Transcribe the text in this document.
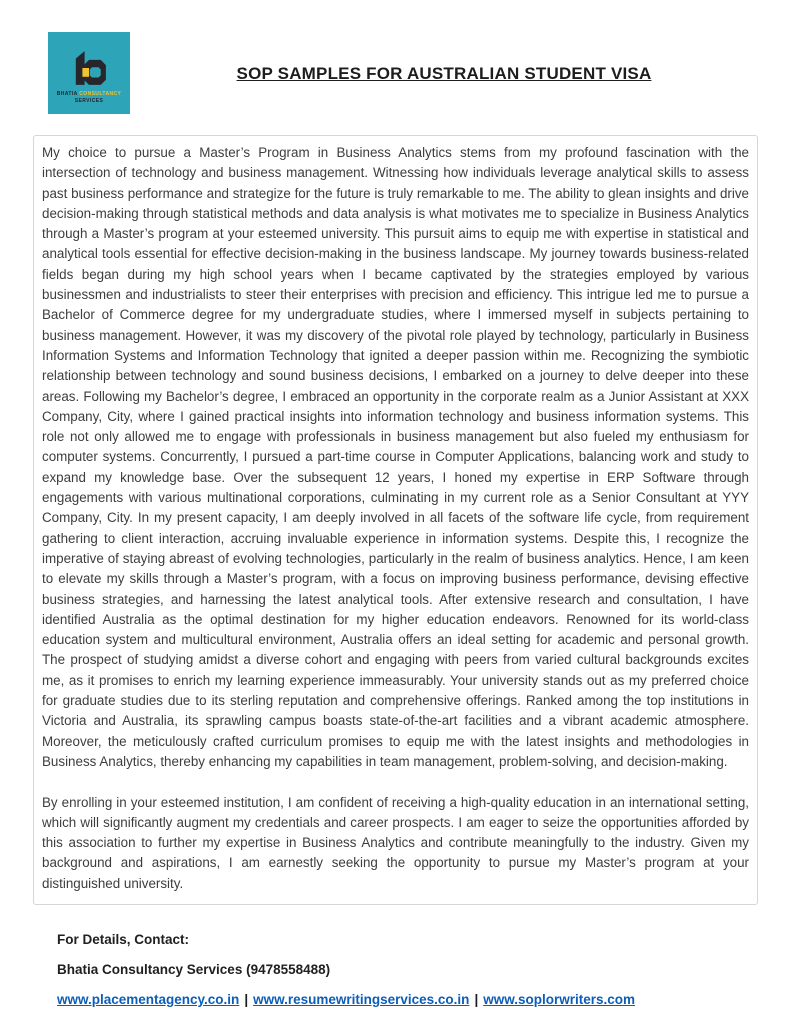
BHATIA CONSULTANCY
SERVICES
SOP SAMPLES FOR AUSTRALIAN STUDENT VISA

My choice to pursue a Master’s Program in Business Analytics stems from my profound fascination with the intersection of technology and business management. Witnessing how individuals leverage analytical skills to assess past business performance and strategize for the future is truly remarkable to me. The ability to glean insights and drive decision-making through statistical methods and data analysis is what motivates me to specialize in Business Analytics through a Master’s program at your esteemed university. This pursuit aims to equip me with expertise in statistical and analytical tools essential for effective decision-making in the business landscape. My journey towards business-related fields began during my high school years when I became captivated by the strategies employed by various businessmen and industrialists to steer their enterprises with precision and efficiency. This intrigue led me to pursue a Bachelor of Commerce degree for my undergraduate studies, where I immersed myself in subjects pertaining to business management. However, it was my discovery of the pivotal role played by technology, particularly in Business Information Systems and Information Technology that ignited a deeper passion within me. Recognizing the symbiotic relationship between technology and sound business decisions, I embarked on a journey to delve deeper into these areas. Following my Bachelor’s degree, I embraced an opportunity in the corporate realm as a Junior Assistant at XXX Company, City, where I gained practical insights into information technology and business information systems. This role not only allowed me to engage with professionals in business management but also fueled my enthusiasm for computer systems. Concurrently, I pursued a part-time course in Computer Applications, balancing work and study to expand my knowledge base. Over the subsequent 12 years, I honed my expertise in ERP Software through engagements with various multinational corporations, culminating in my current role as a Senior Consultant at YYY Company, City. In my present capacity, I am deeply involved in all facets of the software life cycle, from requirement gathering to client interaction, accruing invaluable experience in information systems. Despite this, I recognize the imperative of staying abreast of evolving technologies, particularly in the realm of business analytics. Hence, I am keen to elevate my skills through a Master’s program, with a focus on improving business performance, devising effective business strategies, and harnessing the latest analytical tools. After extensive research and consultation, I have identified Australia as the optimal destination for my higher education endeavors. Renowned for its world-class education system and multicultural environment, Australia offers an ideal setting for academic and personal growth. The prospect of studying amidst a diverse cohort and engaging with peers from varied cultural backgrounds excites me, as it promises to enrich my learning experience immeasurably. Your university stands out as my preferred choice for graduate studies due to its sterling reputation and comprehensive offerings. Ranked among the top institutions in Victoria and Australia, its sprawling campus boasts state-of-the-art facilities and a vibrant academic atmosphere. Moreover, the meticulously crafted curriculum promises to equip me with the latest insights and methodologies in Business Analytics, thereby enhancing my capabilities in team management, problem-solving, and decision-making.

By enrolling in your esteemed institution, I am confident of receiving a high-quality education in an international setting, which will significantly augment my credentials and career prospects. I am eager to seize the opportunities afforded by this association to further my expertise in Business Analytics and contribute meaningfully to the industry. Given my background and aspirations, I am earnestly seeking the opportunity to pursue my Master’s program at your distinguished university.

For Details, Contact:
Bhatia Consultancy Services (9478558488)
www.placementagency.co.in | www.resumewritingservices.co.in | www.soplorwriters.com
